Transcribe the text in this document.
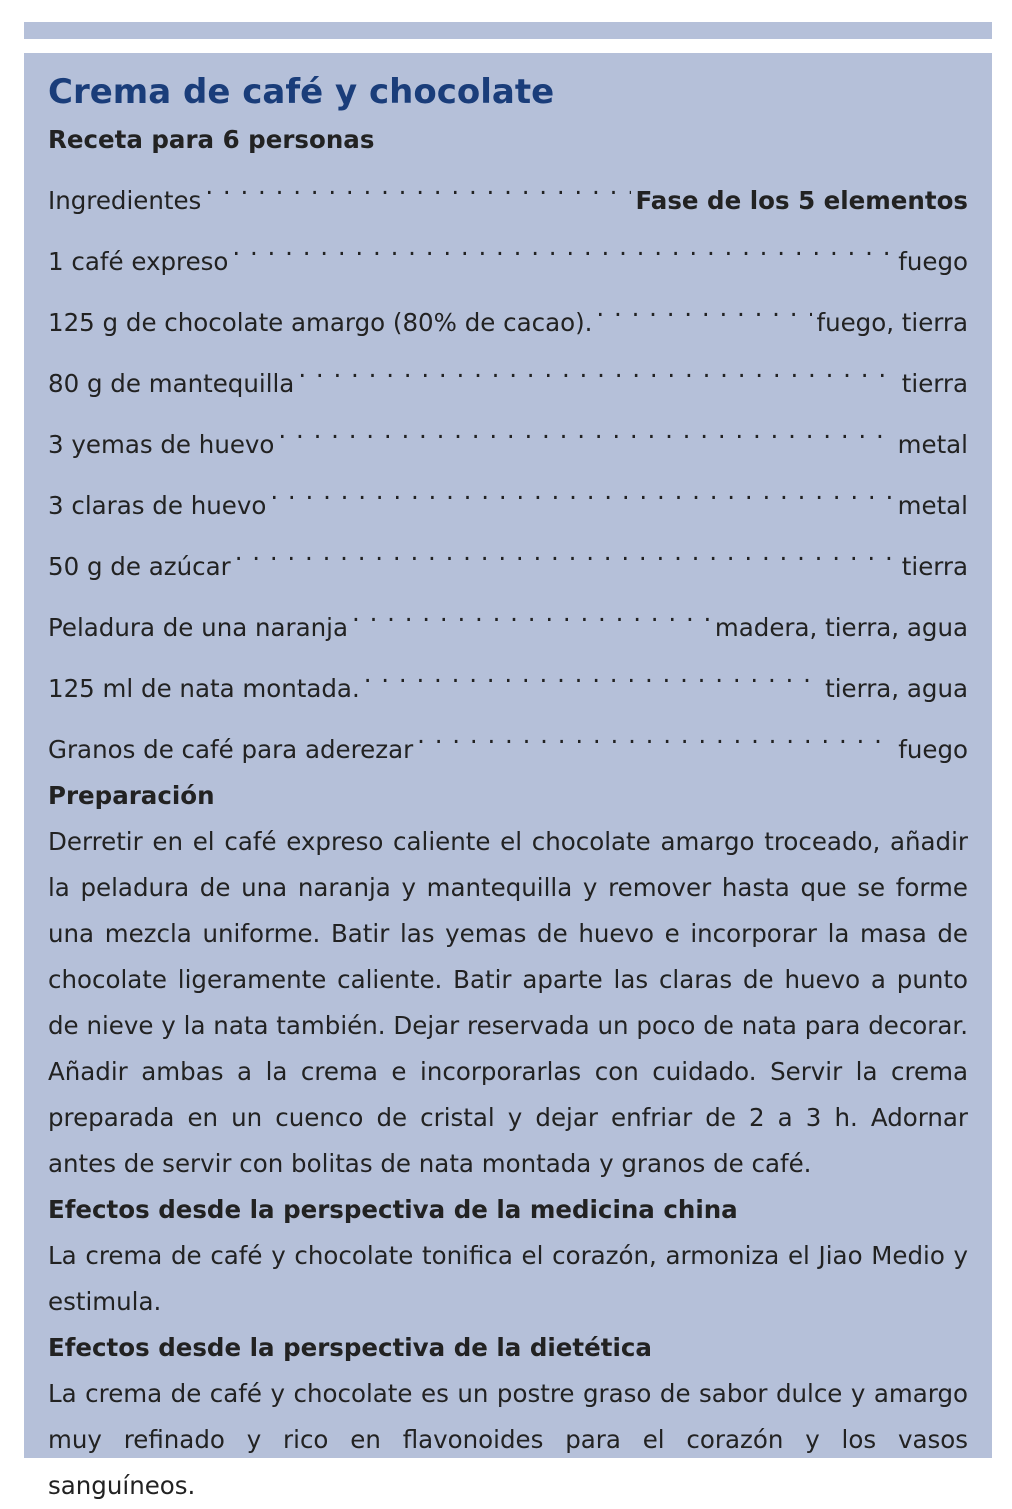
Crema de café y chocolate

Receta para 6 personas

Ingredientes . . .	Fase de los 5 elementos
1 café expreso . . .	fuego
125 g de chocolate amargo (80% de cacao). . . .	fuego, tierra
80 g de mantequilla . . .	tierra
3 yemas de huevo . . .	metal
3 claras de huevo . . .	metal
50 g de azúcar . . .	tierra
Peladura de una naranja . . .	madera, tierra, agua
125 ml de nata montada. . . .	tierra, agua
Granos de café para aderezar . . .	fuego

Preparación

Derretir en el café expreso caliente el chocolate amargo troceado, añadir la peladura de una naranja y mantequilla y remover hasta que se forme una mezcla uniforme. Batir las yemas de huevo e incorporar la masa de chocolate ligeramente caliente. Batir aparte las claras de huevo a punto de nieve y la nata también. Dejar reservada un poco de nata para decorar. Añadir ambas a la crema e incorporarlas con cuidado. Servir la crema preparada en un cuenco de cristal y dejar enfriar de 2 a 3 h. Adornar antes de servir con bolitas de nata montada y granos de café.

Efectos desde la perspectiva de la medicina china

La crema de café y chocolate tonifica el corazón, armoniza el Jiao Medio y estimula.

Efectos desde la perspectiva de la dietética

La crema de café y chocolate es un postre graso de sabor dulce y amargo muy refinado y rico en flavonoides para el corazón y los vasos sanguíneos.
